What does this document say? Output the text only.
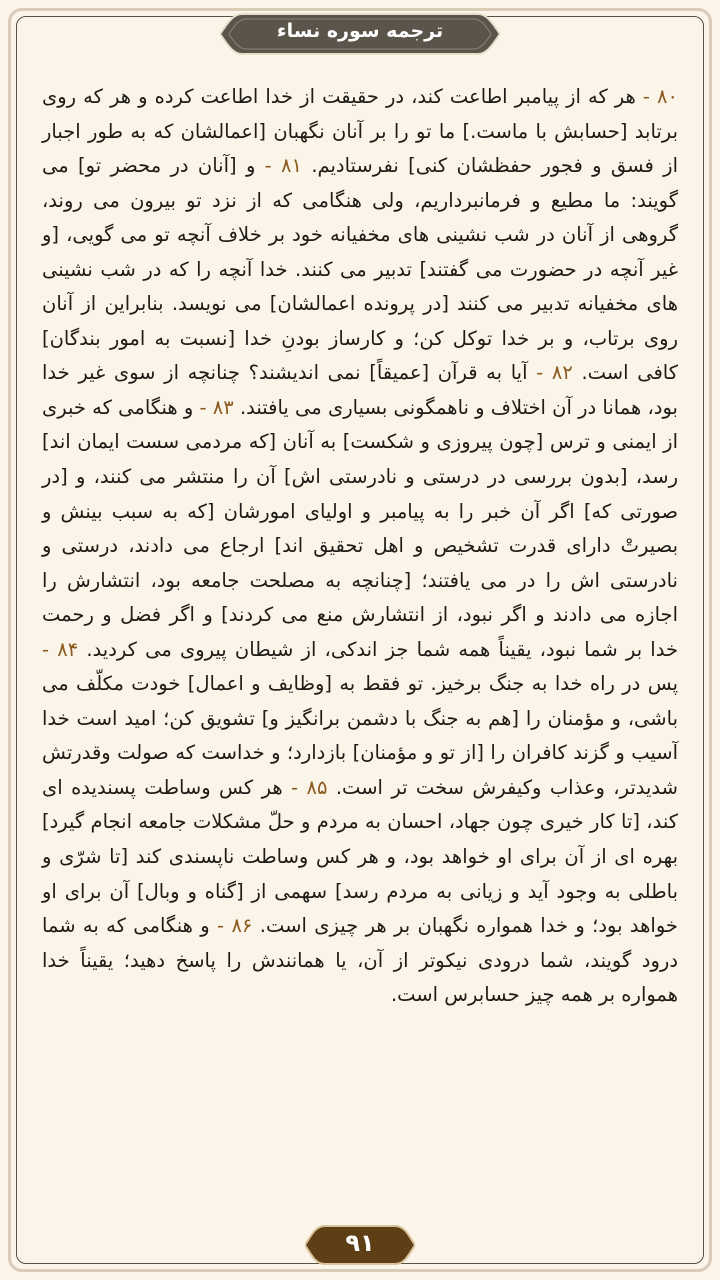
ترجمه سوره نساء

۸۰ - هر که از پیامبر اطاعت کند، در حقیقت از خدا اطاعت کرده و هر که روی برتابد [حسابش با ماست.] ما تو را بر آنان نگهبان [اعمالشان که به طور اجبار از فسق و فجور حفظشان کنی] نفرستادیم. ۸۱ - و [آنان در محضر تو] می گویند: ما مطیع و فرمانبرداریم، ولی هنگامی که از نزد تو بیرون می روند، گروهی از آنان در شب نشینی های مخفیانه خود بر خلاف آنچه تو می گویی، [و غیر آنچه در حضورت می گفتند] تدبیر می کنند. خدا آنچه را که در شب نشینی های مخفیانه تدبیر می کنند [در پرونده اعمالشان] می نویسد. بنابراین از آنان روی برتاب، و بر خدا توکل کن؛ و کارساز بودنِ خدا [نسبت به امور بندگان] کافی است. ۸۲ - آیا به قرآن [عمیقاً] نمی اندیشند؟ چنانچه از سوی غیر خدا بود، همانا در آن اختلاف و ناهمگونی بسیاری می یافتند. ۸۳ - و هنگامی که خبری از ایمنی و ترس [چون پیروزی و شکست] به آنان [که مردمی سست ایمان اند] رسد، [بدون بررسی در درستی و نادرستی اش] آن را منتشر می کنند، و [در صورتی که] اگر آن خبر را به پیامبر و اولیای امورشان [که به سبب بینش و بصیرتْ دارای قدرت تشخیص و اهل تحقیق اند] ارجاع می دادند، درستی و نادرستی اش را در می یافتند؛ [چنانچه به مصلحت جامعه بود، انتشارش را اجازه می دادند و اگر نبود، از انتشارش منع می کردند] و اگر فضل و رحمت خدا بر شما نبود، یقیناً همه شما جز اندکی، از شیطان پیروی می کردید. ۸۴ - پس در راه خدا به جنگ برخیز. تو فقط به [وظایف و اعمال] خودت مکلّف می باشی، و مؤمنان را [هم به جنگ با دشمن برانگیز و] تشویق کن؛ امید است خدا آسیب و گزند کافران را [از تو و مؤمنان] بازدارد؛ و خداست که صولت وقدرتش شدیدتر، وعذاب وکیفرش سخت تر است. ۸۵ - هر کس وساطت پسندیده ای کند، [تا کار خیری چون جهاد، احسان به مردم و حلّ مشکلات جامعه انجام گیرد] بهره ای از آن برای او خواهد بود، و هر کس وساطت ناپسندی کند [تا شرّی و باطلی به وجود آید و زیانی به مردم رسد] سهمی از [گناه و وبال] آن برای او خواهد بود؛ و خدا همواره نگهبان بر هر چیزی است. ۸۶ - و هنگامی که به شما درود گویند، شما درودی نیکوتر از آن، یا همانندش را پاسخ دهید؛ یقیناً خدا همواره بر همه چیز حسابرس است.

۹۱
